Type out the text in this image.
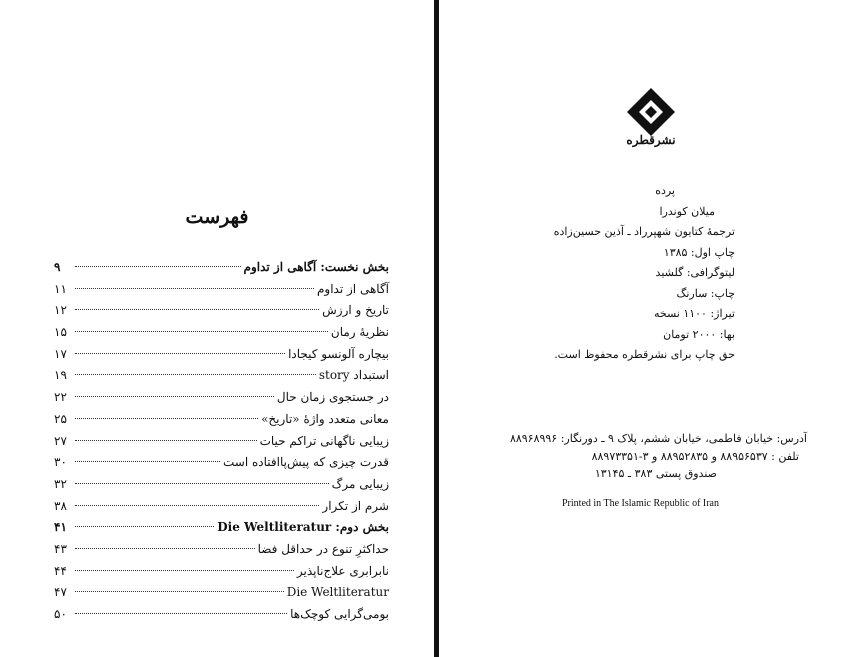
فهرست
بخش نخست: آگاهی از تداوم
۹
آگاهی از تداوم
۱۱
تاریخ و ارزش
۱۲
نظریهٔ رمان
۱۵
بیچاره آلونسو کیجادا
۱۷
استبداد story
۱۹
در جستجوی زمان حال
۲۲
معانی متعدد واژهٔ «تاریخ»
۲۵
زیبایی ناگهانی تراکم حیات
۲۷
قدرت چیزی که پیش‌پاافتاده است
۳۰
زیبایی مرگ
۳۲
شرم از تکرار
۳۸
بخش دوم: Die Weltliteratur
۴۱
حداکثرِ تنوع در حداقل فضا
۴۳
نابرابری علاج‌ناپذیر
۴۴
Die Weltliteratur
۴۷
بومی‌گرایی کوچک‌ها
۵۰
نشرقطره
پرده
میلان کوندرا
ترجمهٔ کتایون شهپرراد ـ آذین حسین‌زاده
چاپ اول: ۱۳۸۵
لیتوگرافی: گلشید
چاپ: سارنگ
تیراژ: ۱۱۰۰ نسخه
بها: ۲۰۰۰ تومان
حق چاپ برای نشرقطره محفوظ است.
آدرس: خیابان فاطمی، خیابان ششم، پلاک ۹ ـ دورنگار: ۸۸۹۶۸۹۹۶
تلفن : ۸۸۹۵۶۵۳۷ و ۸۸۹۵۲۸۳۵ و ۳-۸۸۹۷۳۳۵۱
صندوق پستی ۳۸۳ ـ ۱۳۱۴۵
Printed in The Islamic Republic of Iran
